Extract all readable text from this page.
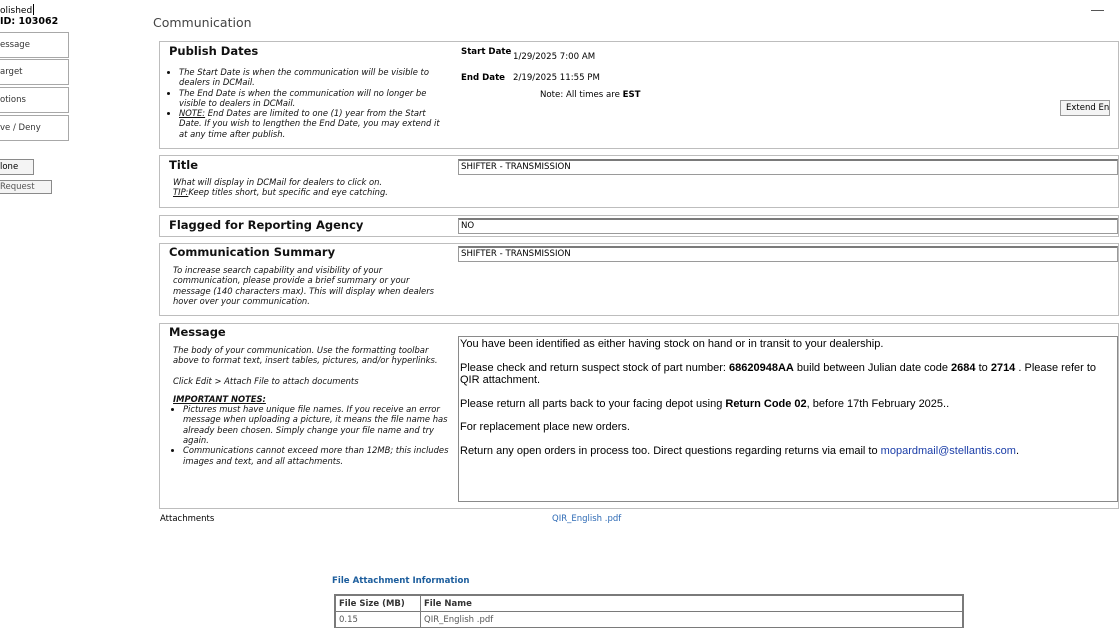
olished
ID: 103062
essage
arget
otions
ve / Deny
lone
Request
Communication
Publish Dates
• The Start Date is when the communication will be visible to dealers in DCMail.
• The End Date is when the communication will no longer be visible to dealers in DCMail.
• NOTE: End Dates are limited to one (1) year from the Start Date. If you wish to lengthen the End Date, you may extend it at any time after publish.
Start Date 1/29/2025 7:00 AM
End Date 2/19/2025 11:55 PM
Note: All times are EST
Extend En
Title
What will display in DCMail for dealers to click on.
TIP:Keep titles short, but specific and eye catching.
SHIFTER - TRANSMISSION
Flagged for Reporting Agency	NO
Communication Summary
To increase search capability and visibility of your communication, please provide a brief summary or your message (140 characters max). This will display when dealers hover over your communication.
SHIFTER - TRANSMISSION
Message
The body of your communication. Use the formatting toolbar above to format text, insert tables, pictures, and/or hyperlinks.
Click Edit > Attach File to attach documents
IMPORTANT NOTES:
• Pictures must have unique file names. If you receive an error message when uploading a picture, it means the file name has already been chosen. Simply change your file name and try again.
• Communications cannot exceed more than 12MB; this includes images and text, and all attachments.

You have been identified as either having stock on hand or in transit to your dealership.

Please check and return suspect stock of part number: 68620948AA build between Julian date code 2684 to 2714 . Please refer to QIR attachment.

Please return all parts back to your facing depot using Return Code 02, before 17th February 2025..

For replacement place new orders.

Return any open orders in process too. Direct questions regarding returns via email to mopardmail@stellantis.com.

Attachments	QIR_English .pdf
File Attachment Information
File Size (MB)	File Name
0.15	QIR_English .pdf
